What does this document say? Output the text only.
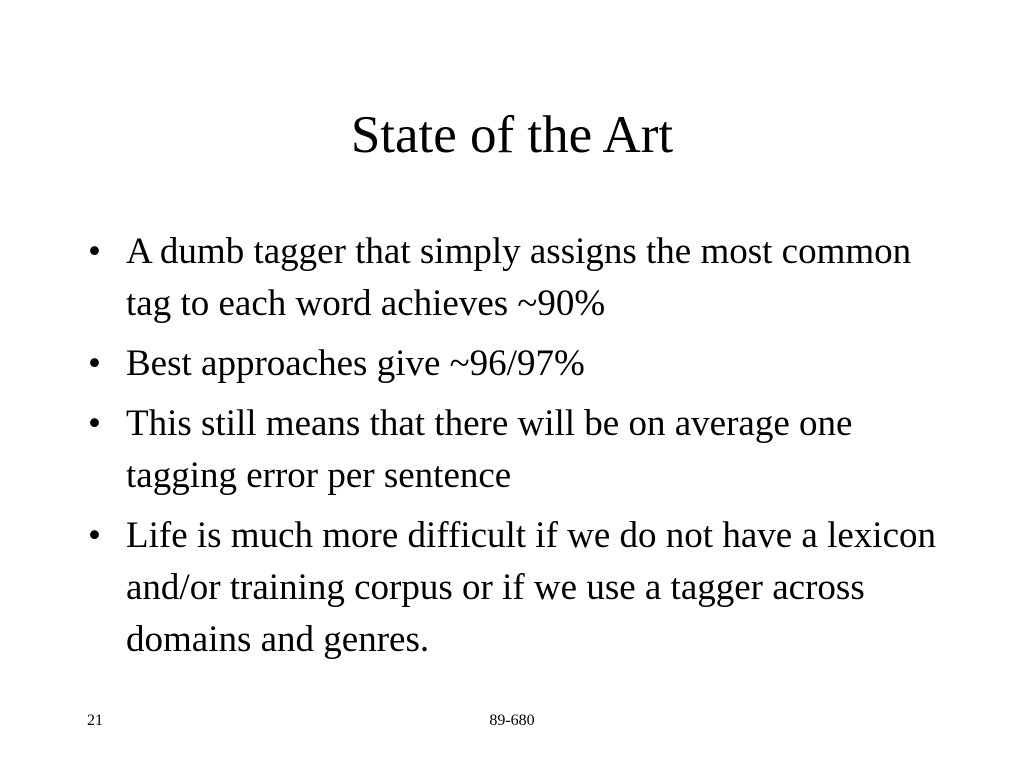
State of the Art
• A dumb tagger that simply assigns the most common tag to each word achieves ~90%
• Best approaches give ~96/97%
• This still means that there will be on average one tagging error per sentence
• Life is much more difficult if we do not have a lexicon and/or training corpus or if we use a tagger across domains and genres.
21	89-680
